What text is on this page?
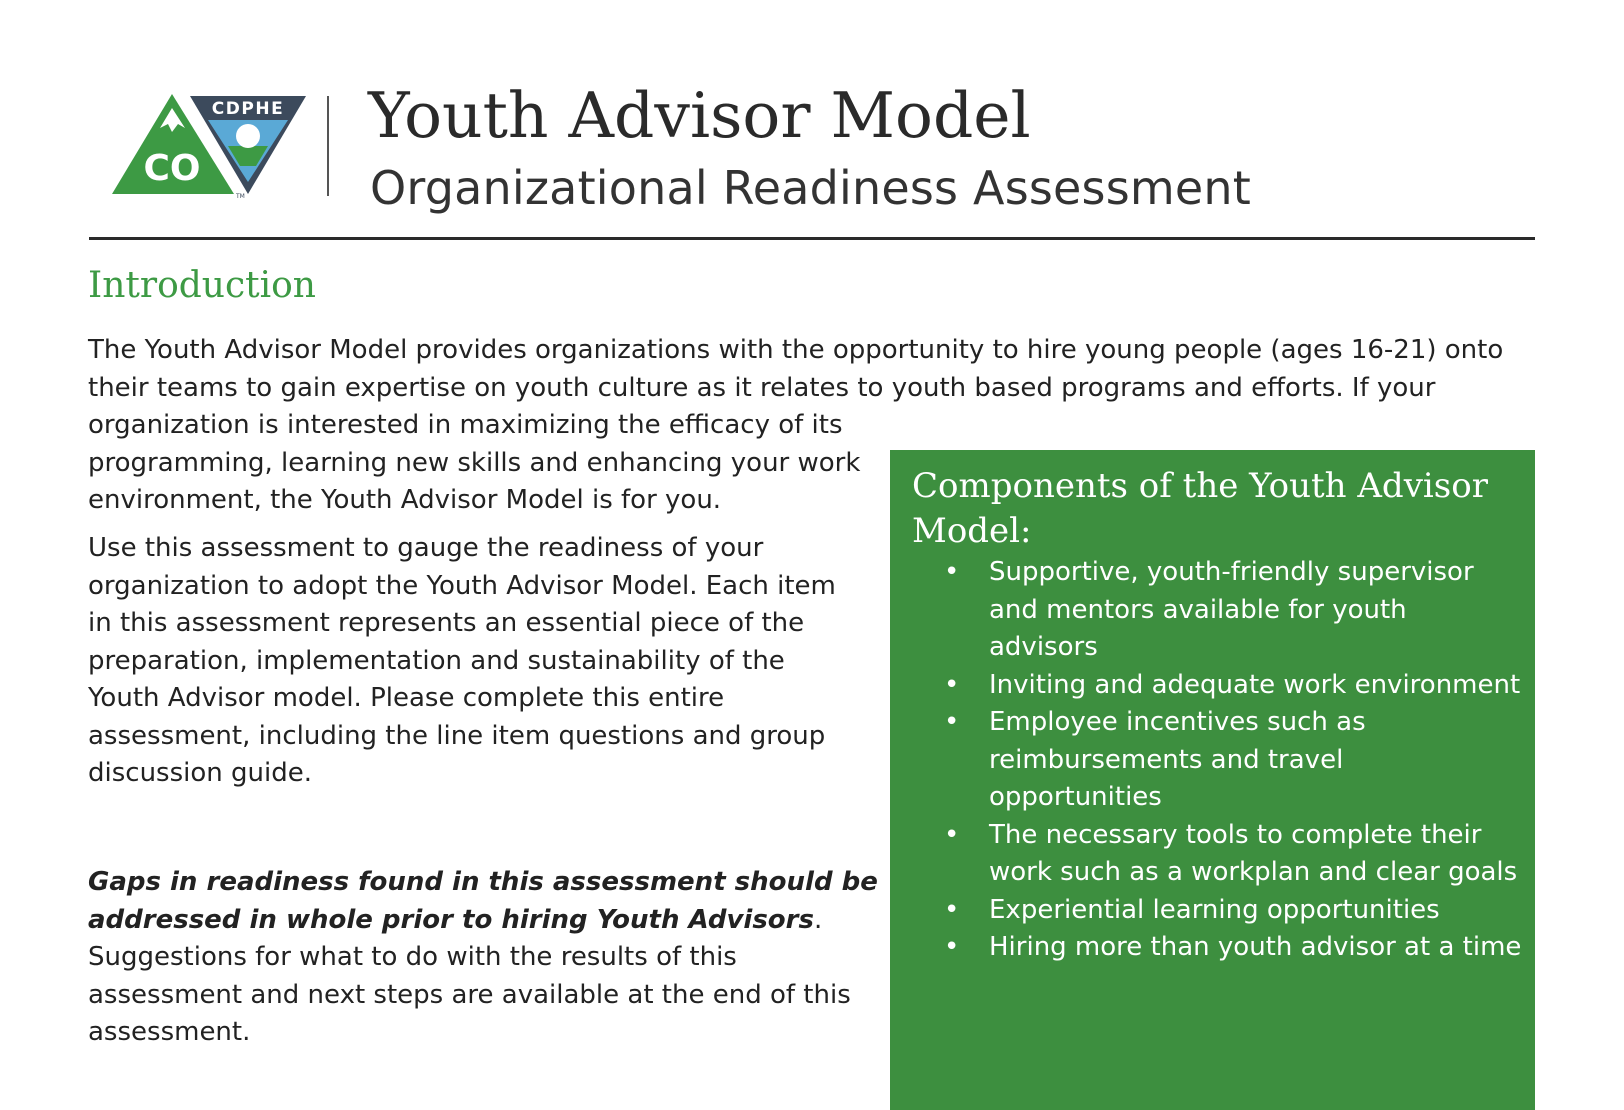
CO
CDPHE
TM
Youth Advisor Model
Organizational Readiness Assessment
Introduction
The Youth Advisor Model provides organizations with the opportunity to hire young people (ages 16-21) onto
their teams to gain expertise on youth culture as it relates to youth based programs and efforts. If your
organization is interested in maximizing the efficacy of its
programming, learning new skills and enhancing your work
environment, the Youth Advisor Model is for you.
Use this assessment to gauge the readiness of your
organization to adopt the Youth Advisor Model. Each item
in this assessment represents an essential piece of the
preparation, implementation and sustainability of the
Youth Advisor model. Please complete this entire
assessment, including the line item questions and group
discussion guide.
Gaps in readiness found in this assessment should be
addressed in whole prior to hiring Youth Advisors.
Suggestions for what to do with the results of this
assessment and next steps are available at the end of this
assessment.
Components of the Youth Advisor Model:
• Supportive, youth-friendly supervisor and mentors available for youth advisors
• Inviting and adequate work environment
• Employee incentives such as reimbursements and travel opportunities
• The necessary tools to complete their work such as a workplan and clear goals
• Experiential learning opportunities
• Hiring more than youth advisor at a time
